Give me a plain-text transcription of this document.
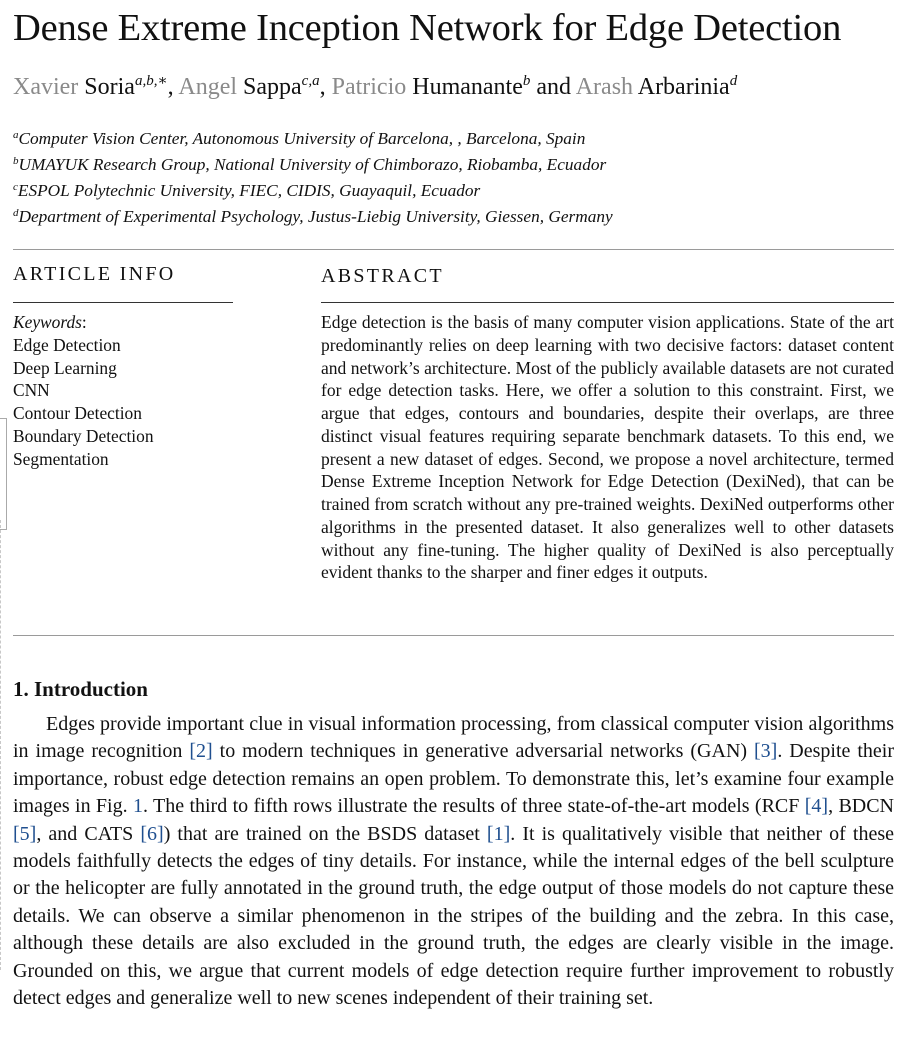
Dense Extreme Inception Network for Edge Detection
Xavier Soria$^{a,b,∗}$, Angel Sappa$^{c,a}$, Patricio Humanante$^b$ and Arash Arbarinia$^d$
$^a$Computer Vision Center, Autonomous University of Barcelona, , Barcelona, Spain
$^b$UMAYUK Research Group, National University of Chimborazo, Riobamba, Ecuador
$^c$ESPOL Polytechnic University, FIEC, CIDIS, Guayaquil, Ecuador
$^d$Department of Experimental Psychology, Justus-Liebig University, Giessen, Germany
ARTICLE INFO
Keywords:
Edge Detection
Deep Learning
CNN
Contour Detection
Boundary Detection
Segmentation
ABSTRACT
Edge detection is the basis of many computer vision applications. State of the art predominantly relies on deep learning with two decisive factors: dataset content and network’s architecture. Most of the publicly available datasets are not curated for edge detection tasks. Here, we offer a solution to this constraint. First, we argue that edges, contours and boundaries, despite their overlaps, are three distinct visual features requiring separate benchmark datasets. To this end, we present a new dataset of edges. Second, we propose a novel architecture, termed Dense Extreme Inception Network for Edge Detection (DexiNed), that can be trained from scratch without any pre-trained weights. DexiNed outperforms other algorithms in the presented dataset. It also generalizes well to other datasets without any fine-tuning. The higher quality of DexiNed is also perceptually evident thanks to the sharper and finer edges it outputs.
1. Introduction

Edges provide important clue in visual information processing, from classical computer vision algorithms in image recognition [2] to modern techniques in generative adversarial networks (GAN) [3]. Despite their importance, robust edge detection remains an open problem. To demonstrate this, let’s examine four example images in Fig. 1. The third to fifth rows illustrate the results of three state-of-the-art models (RCF [4], BDCN [5], and CATS [6]) that are trained on the BSDS dataset [1]. It is qualitatively visible that neither of these models faithfully detects the edges of tiny details. For instance, while the internal edges of the bell sculpture or the helicopter are fully annotated in the ground truth, the edge output of those models do not capture these details. We can observe a similar phenomenon in the stripes of the building and the zebra. In this case, although these details are also excluded in the ground truth, the edges are clearly visible in the image. Grounded on this, we argue that current models of edge detection require further improvement to robustly detect edges and generalize well to new scenes independent of their training set.
